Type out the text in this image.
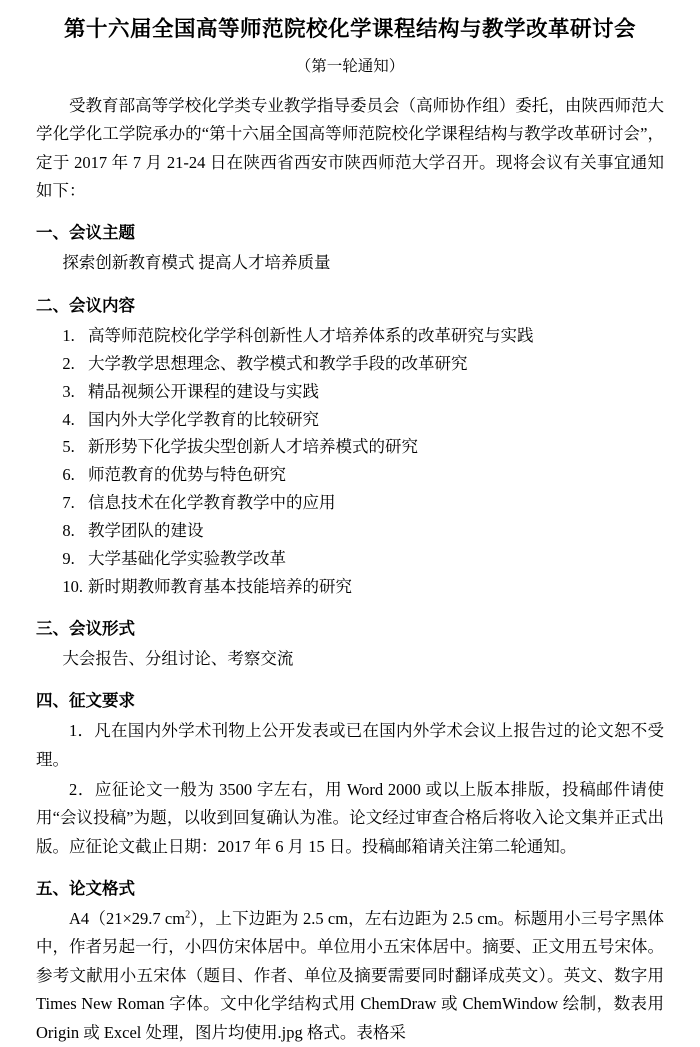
第十六届全国高等师范院校化学课程结构与教学改革研讨会
（第一轮通知）

受教育部高等学校化学类专业教学指导委员会（高师协作组）委托，由陕西师范大学化学化工学院承办的“第十六届全国高等师范院校化学课程结构与教学改革研讨会”，定于 2017 年 7 月 21-24 日在陕西省西安市陕西师范大学召开。现将会议有关事宜通知如下：

一、会议主题
探索创新教育模式 提高人才培养质量
二、会议内容
1. 高等师范院校化学学科创新性人才培养体系的改革研究与实践
2. 大学教学思想理念、教学模式和教学手段的改革研究
3. 精品视频公开课程的建设与实践
4. 国内外大学化学教育的比较研究
5. 新形势下化学拔尖型创新人才培养模式的研究
6. 师范教育的优势与特色研究
7. 信息技术在化学教育教学中的应用
8. 教学团队的建设
9. 大学基础化学实验教学改革
10. 新时期教师教育基本技能培养的研究
三、会议形式
大会报告、分组讨论、考察交流
四、征文要求

1．凡在国内外学术刊物上公开发表或已在国内外学术会议上报告过的论文恕不受理。

2．应征论文一般为 3500 字左右，用 Word 2000 或以上版本排版，投稿邮件请使用“会议投稿”为题，以收到回复确认为准。论文经过审查合格后将收入论文集并正式出版。应征论文截止日期：2017 年 6 月 15 日。投稿邮箱请关注第二轮通知。

五、论文格式

A4（21×29.7 $cm^2$），上下边距为 2.5 cm，左右边距为 2.5 cm。标题用小三号字黑体中，作者另起一行，小四仿宋体居中。单位用小五宋体居中。摘要、正文用五号宋体。参考文献用小五宋体（题目、作者、单位及摘要需要同时翻译成英文）。英文、数字用 Times New Roman 字体。文中化学结构式用 ChemDraw 或 ChemWindow 绘制，数表用 Origin 或 Excel 处理，图片均使用.jpg 格式。表格采
